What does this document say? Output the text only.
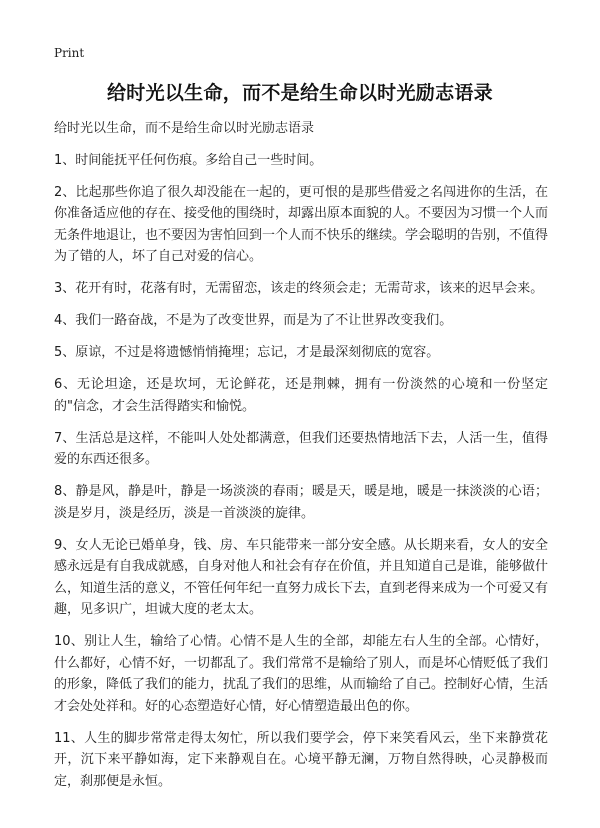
Print
给时光以生命，而不是给生命以时光励志语录

给时光以生命，而不是给生命以时光励志语录

1、时间能抚平任何伤痕。多给自己一些时间。

2、比起那些你追了很久却没能在一起的，更可恨的是那些借爱之名闯进你的生活，在你准备适应他的存在、接受他的围绕时，却露出原本面貌的人。不要因为习惯一个人而无条件地退让，也不要因为害怕回到一个人而不快乐的继续。学会聪明的告别，不值得为了错的人，坏了自己对爱的信心。

3、花开有时，花落有时，无需留恋，该走的终须会走；无需苛求，该来的迟早会来。

4、我们一路奋战，不是为了改变世界，而是为了不让世界改变我们。

5、原谅，不过是将遗憾悄悄掩埋；忘记，才是最深刻彻底的宽容。

6、无论坦途，还是坎坷，无论鲜花，还是荆棘，拥有一份淡然的心境和一份坚定的"信念，才会生活得踏实和愉悦。

7、生活总是这样，不能叫人处处都满意，但我们还要热情地活下去，人活一生，值得爱的东西还很多。

8、静是风，静是叶，静是一场淡淡的春雨；暖是天，暖是地，暖是一抹淡淡的心语；淡是岁月，淡是经历，淡是一首淡淡的旋律。

9、女人无论已婚单身，钱、房、车只能带来一部分安全感。从长期来看，女人的安全感永远是有自我成就感，自身对他人和社会有存在价值，并且知道自己是谁，能够做什么，知道生活的意义，不管任何年纪一直努力成长下去，直到老得来成为一个可爱又有趣，见多识广，坦诚大度的老太太。

10、别让人生，输给了心情。心情不是人生的全部，却能左右人生的全部。心情好，什么都好，心情不好，一切都乱了。我们常常不是输给了别人，而是坏心情贬低了我们的形象，降低了我们的能力，扰乱了我们的思维，从而输给了自己。控制好心情，生活才会处处祥和。好的心态塑造好心情，好心情塑造最出色的你。

11、人生的脚步常常走得太匆忙，所以我们要学会，停下来笑看风云，坐下来静赏花开，沉下来平静如海，定下来静观自在。心境平静无澜，万物自然得映，心灵静极而定，刹那便是永恒。
